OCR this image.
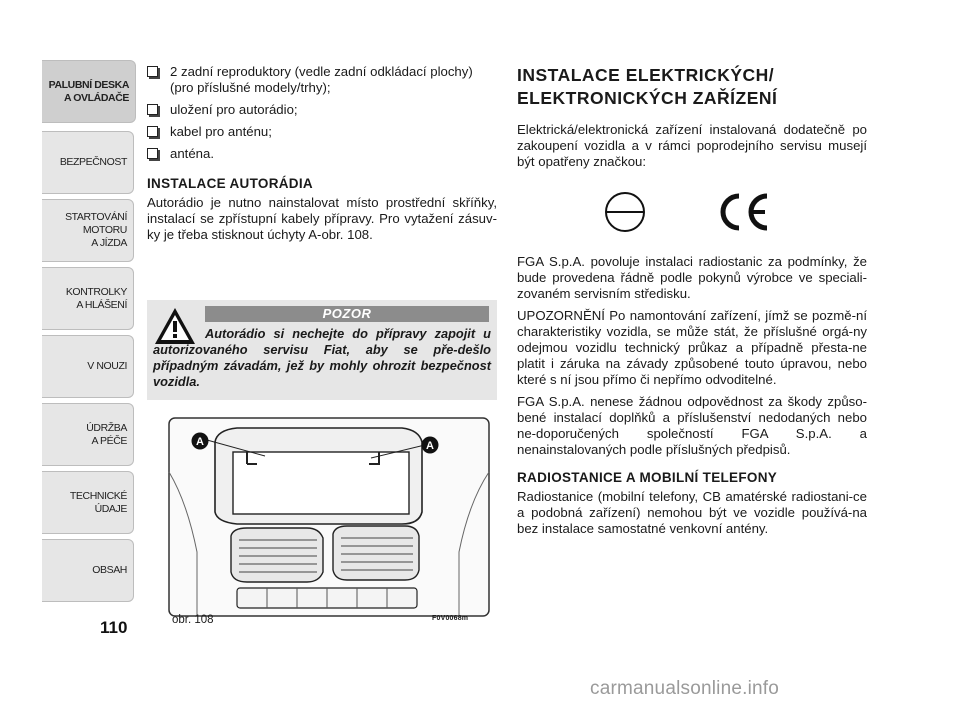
PALUBNÍ DESKA
A OVLÁDAČE
BEZPEČNOST
STARTOVÁNÍ
MOTORU
A JÍZDA
KONTROLKY
A HLÁŠENÍ
V NOUZI
ÚDRŽBA
A PÉČE
TECHNICKÉ
ÚDAJE
OBSAH
110
2 zadní reproduktory (vedle zadní odkládací plochy) (pro příslušné modely/trhy);
uložení pro autorádio;
kabel pro anténu;
anténa.
INSTALACE AUTORÁDIA

Autorádio je nutno nainstalovat místo prostřední skříňky, instalací se zpřístupní kabely přípravy. Pro vytažení zásuv-ky je třeba stisknout úchyty A-obr. 108.

POZOR
Autorádio si nechejte do přípravy zapojit u autorizovaného servisu Fiat, aby se pře-dešlo případným závadám, jež by mohly ohrozit bezpečnost vozidla.
A	A
obr. 108	F0V0068m
INSTALACE ELEKTRICKÝCH/ ELEKTRONICKÝCH ZAŘÍZENÍ

Elektrická/elektronická zařízení instalovaná dodatečně po zakoupení vozidla a v rámci poprodejního servisu musejí být opatřeny značkou:

FGA S.p.A. povoluje instalaci radiostanic za podmínky, že bude provedena řádně podle pokynů výrobce ve speciali-zovaném servisním středisku.

UPOZORNĚNÍ Po namontování zařízení, jímž se pozmě-ní charakteristiky vozidla, se může stát, že příslušné orgá-ny odejmou vozidlu technický průkaz a případně přesta-ne platit i záruka na závady způsobené touto úpravou, nebo které s ní jsou přímo či nepřímo odvoditelné.

FGA S.p.A. nenese žádnou odpovědnost za škody způso-bené instalací doplňků a příslušenství nedodaných nebo ne-doporučených společností FGA S.p.A. a nenainstalovaných podle příslušných předpisů.

RADIOSTANICE A MOBILNÍ TELEFONY

Radiostanice (mobilní telefony, CB amatérské radiostani-ce a podobná zařízení) nemohou být ve vozidle používá-na bez instalace samostatné venkovní antény.

carmanualsonline.info
